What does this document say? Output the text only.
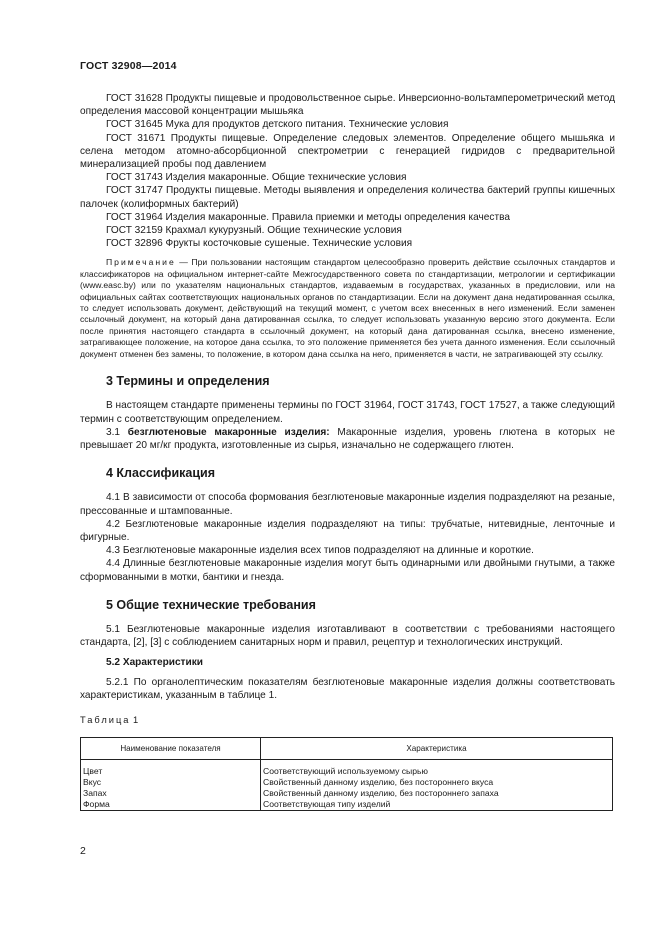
ГОСТ 32908—2014

ГОСТ 31628 Продукты пищевые и продовольственное сырье. Инверсионно-вольтамперометрический метод определения массовой концентрации мышьяка

ГОСТ 31645 Мука для продуктов детского питания. Технические условия

ГОСТ 31671 Продукты пищевые. Определение следовых элементов. Определение общего мышьяка и селена методом атомно-абсорбционной спектрометрии с генерацией гидридов с предварительной минерализацией пробы под давлением

ГОСТ 31743 Изделия макаронные. Общие технические условия

ГОСТ 31747 Продукты пищевые. Методы выявления и определения количества бактерий группы кишечных палочек (колиформных бактерий)

ГОСТ 31964 Изделия макаронные. Правила приемки и методы определения качества

ГОСТ 32159 Крахмал кукурузный. Общие технические условия

ГОСТ 32896 Фрукты косточковые сушеные. Технические условия

Примечание — При пользовании настоящим стандартом целесообразно проверить действие ссылочных стандартов и классификаторов на официальном интернет-сайте Межгосударственного совета по стандартизации, метрологии и сертификации (www.easc.by) или по указателям национальных стандартов, издаваемым в государствах, указанных в предисловии, или на официальных сайтах соответствующих национальных органов по стандартизации. Если на документ дана недатированная ссылка, то следует использовать документ, действующий на текущий момент, с учетом всех внесенных в него изменений. Если заменен ссылочный документ, на который дана датированная ссылка, то следует использовать указанную версию этого документа. Если после принятия настоящего стандарта в ссылочный документ, на который дана датированная ссылка, внесено изменение, затрагивающее положение, на которое дана ссылка, то это положение применяется без учета данного изменения. Если ссылочный документ отменен без замены, то положение, в котором дана ссылка на него, применяется в части, не затрагивающей эту ссылку.

3 Термины и определения

В настоящем стандарте применены термины по ГОСТ 31964, ГОСТ 31743, ГОСТ 17527, а также следующий термин с соответствующим определением.

3.1 безглютеновые макаронные изделия: Макаронные изделия, уровень глютена в которых не превышает 20 мг/кг продукта, изготовленные из сырья, изначально не содержащего глютен.

4 Классификация

4.1 В зависимости от способа формования безглютеновые макаронные изделия подразделяют на резаные, прессованные и штампованные.

4.2 Безглютеновые макаронные изделия подразделяют на типы: трубчатые, нитевидные, ленточные и фигурные.

4.3 Безглютеновые макаронные изделия всех типов подразделяют на длинные и короткие.

4.4 Длинные безглютеновые макаронные изделия могут быть одинарными или двойными гнутыми, а также сформованными в мотки, бантики и гнезда.

5 Общие технические требования

5.1 Безглютеновые макаронные изделия изготавливают в соответствии с требованиями настоящего стандарта, [2], [3] с соблюдением санитарных норм и правил, рецептур и технологических инструкций.

5.2 Характеристики

5.2.1 По органолептическим показателям безглютеновые макаронные изделия должны соответствовать характеристикам, указанным в таблице 1.

Таблица 1
Наименование показателя	Характеристика

Цвет	Соответствующий используемому сырью
Вкус	Свойственный данному изделию, без постороннего вкуса
Запах	Свойственный данному изделию, без постороннего запаха
Форма	Соответствующая типу изделий
2
